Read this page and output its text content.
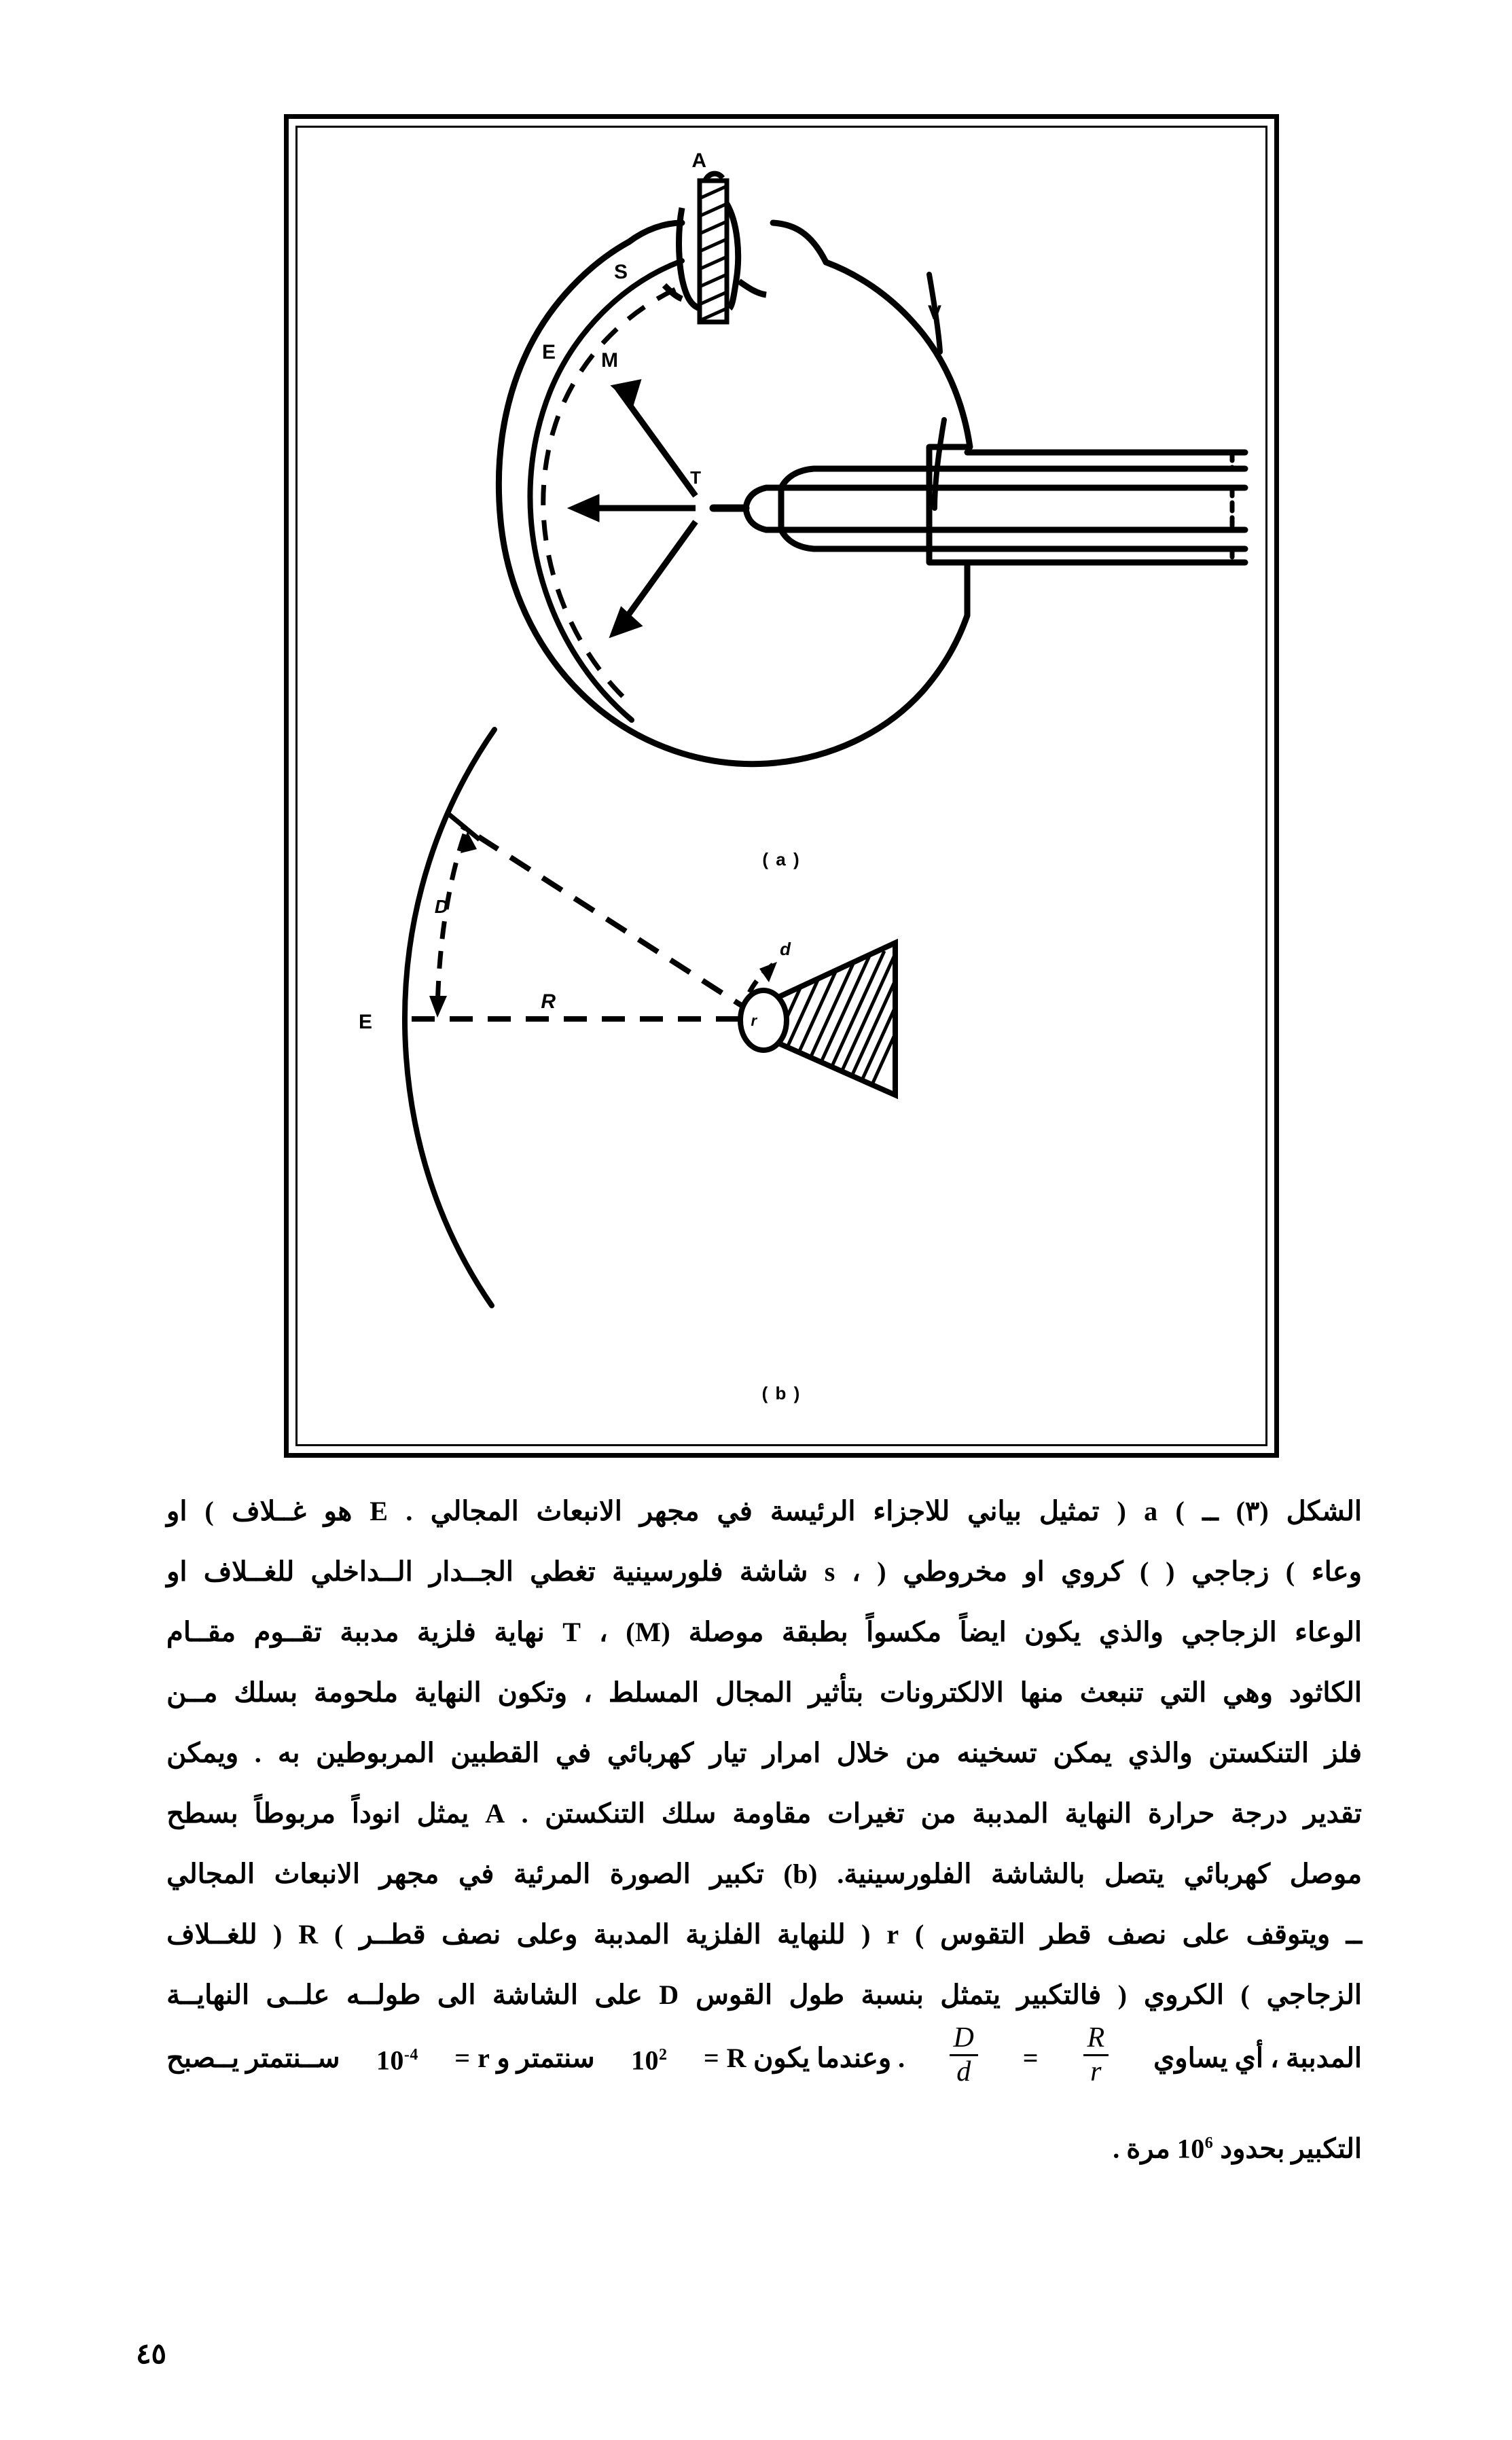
A
S
E M
T
V
E
D
R
d
r
( a )
( b )
الشكل
(٣)
ــ
(
a
)
تمثيل
بياني
للاجزاء
الرئيسة
في
مجهر
الانبعاث
المجالي
.
E
هو
غــلاف
(
او
وعاء
(
زجاجي
)
(
كروي
او
مخروطي
)
،
s
شاشة
فلورسينية
تغطي
الجــدار
الــداخلي
للغــلاف
او
الوعاء
الزجاجي
والذي
يكون
ايضاً
مكسواً
بطبقة
موصلة
(M)
،
T
نهاية
فلزية
مدببة
تقــوم
مقــام
الكاثود
وهي
التي
تنبعث
منها
الالكترونات
بتأثير
المجال
المسلط
،
وتكون
النهاية
ملحومة
بسلك
مــن
فلز
التنكستن
والذي
يمكن
تسخينه
من
خلال
امرار
تيار
كهربائي
في
القطبين
المربوطين
به
.
ويمكن
تقدير
درجة
حرارة
النهاية
المدببة
من
تغيرات
مقاومة
سلك
التنكستن
.
A
يمثل
انوداً
مربوطاً
بسطح
موصل
كهربائي
يتصل
بالشاشة
الفلورسينية.
(b)
تكبير
الصورة
المرئية
في
مجهر
الانبعاث
المجالي
ــ
ويتوقف
على
نصف
قطر
التقوس
(
r
)
للنهاية
الفلزية
المدببة
وعلى
نصف
قطــر
(
R
)
للغــلاف
الزجاجي
(
الكروي
)
فالتكبير
يتمثل
بنسبة
طول
القوس
D
على
الشاشة
الى
طولــه
علــى
النهايــة
المدببة ، أي يساوي
$\frac{R}{r}$
=
$\frac{D}{d}$
. وعندما يكون R =
$10^2$
سنتمتر و r =
$10^{-4}$
ســنتمتر يــصبح
التكبير بحدود $10^6$ مرة .
٤٥
